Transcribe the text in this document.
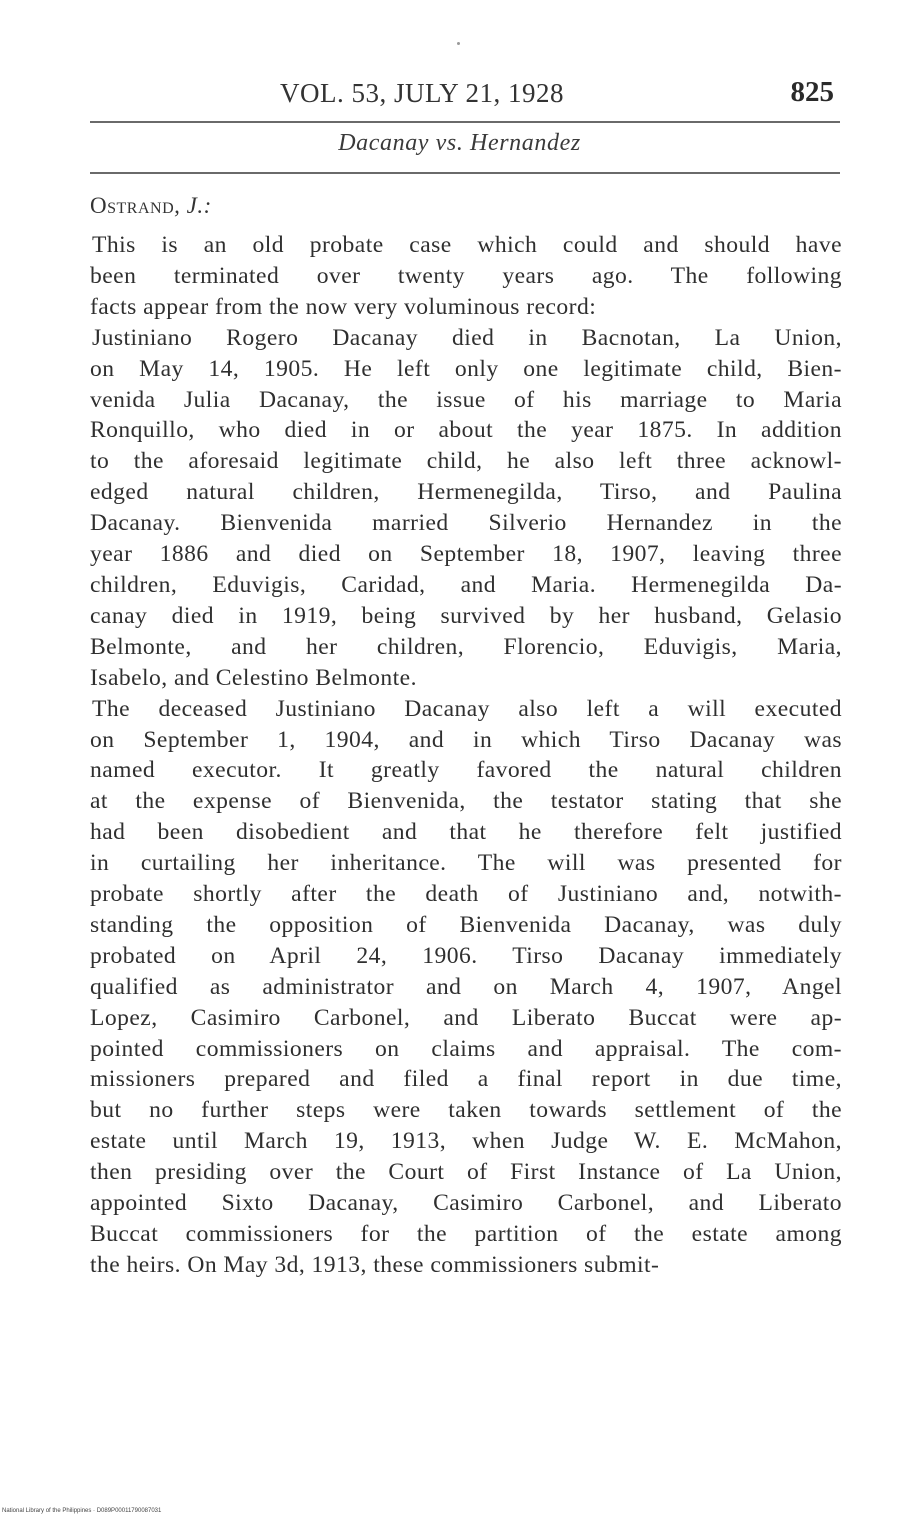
VOL. 53, JULY 21, 1928	825
Dacanay vs. Hernandez
Ostrand, J.:
This is an old probate case which could and should have
been terminated over twenty years ago. The following
facts appear from the now very voluminous record:
Justiniano Rogero Dacanay died in Bacnotan, La Union,
on May 14, 1905. He left only one legitimate child, Bien-
venida Julia Dacanay, the issue of his marriage to Maria
Ronquillo, who died in or about the year 1875. In addition
to the aforesaid legitimate child, he also left three acknowl-
edged natural children, Hermenegilda, Tirso, and Paulina
Dacanay. Bienvenida married Silverio Hernandez in the
year 1886 and died on September 18, 1907, leaving three
children, Eduvigis, Caridad, and Maria. Hermenegilda Da-
canay died in 1919, being survived by her husband, Gelasio
Belmonte, and her children, Florencio, Eduvigis, Maria,
Isabelo, and Celestino Belmonte.
The deceased Justiniano Dacanay also left a will executed
on September 1, 1904, and in which Tirso Dacanay was
named executor. It greatly favored the natural children
at the expense of Bienvenida, the testator stating that she
had been disobedient and that he therefore felt justified
in curtailing her inheritance. The will was presented for
probate shortly after the death of Justiniano and, notwith-
standing the opposition of Bienvenida Dacanay, was duly
probated on April 24, 1906. Tirso Dacanay immediately
qualified as administrator and on March 4, 1907, Angel
Lopez, Casimiro Carbonel, and Liberato Buccat were ap-
pointed commissioners on claims and appraisal. The com-
missioners prepared and filed a final report in due time,
but no further steps were taken towards settlement of the
estate until March 19, 1913, when Judge W. E. McMahon,
then presiding over the Court of First Instance of La Union,
appointed Sixto Dacanay, Casimiro Carbonel, and Liberato
Buccat commissioners for the partition of the estate among
the heirs. On May 3d, 1913, these commissioners submit-
National Library of the Philippines · D089P00011790087031
